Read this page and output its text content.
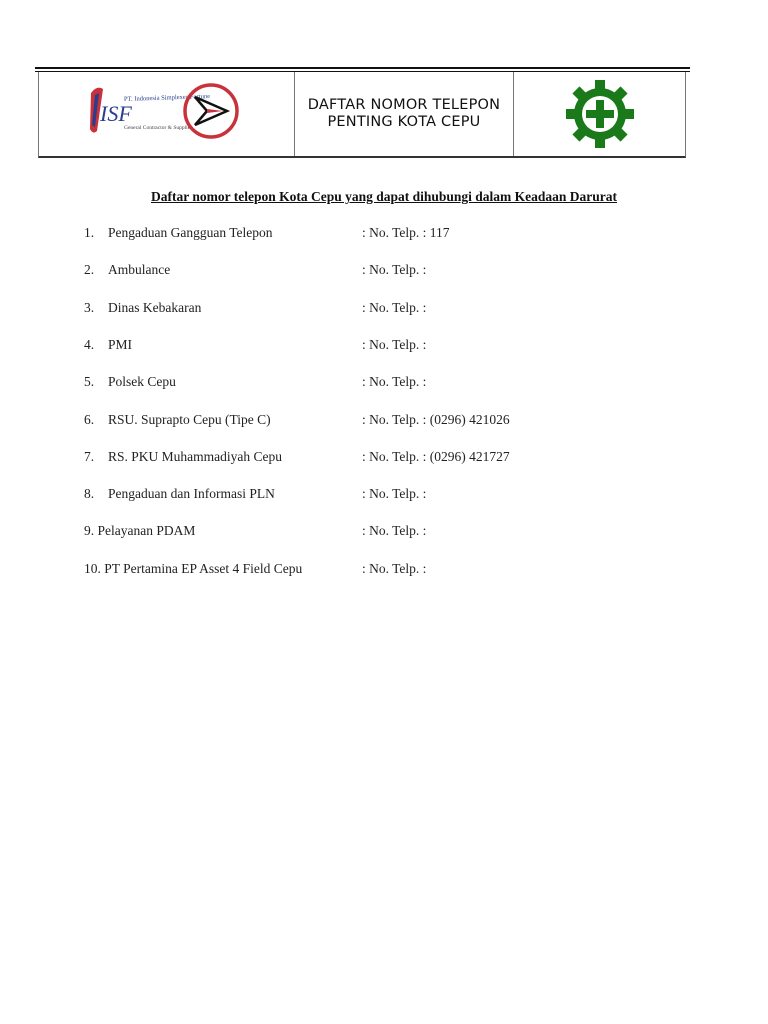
ISF
PT. Indonesia Simplexes Fortune
General Contractor & Supplier
DAFTAR NOMOR TELEPON PENTING KOTA CEPU
Daftar nomor telepon Kota Cepu yang dapat dihubungi dalam Keadaan Darurat
1. Pengaduan Gangguan Telepon	: No. Telp. : 117
2. Ambulance	: No. Telp. :
3. Dinas Kebakaran	: No. Telp. :
4. PMI	: No. Telp. :
5. Polsek Cepu	: No. Telp. :
6. RSU. Suprapto Cepu (Tipe C)	: No. Telp. : (0296) 421026
7. RS. PKU Muhammadiyah Cepu	: No. Telp. : (0296) 421727
8. Pengaduan dan Informasi PLN	: No. Telp. :
9. Pelayanan PDAM	: No. Telp. :
10. PT Pertamina EP Asset 4 Field Cepu	: No. Telp. :
